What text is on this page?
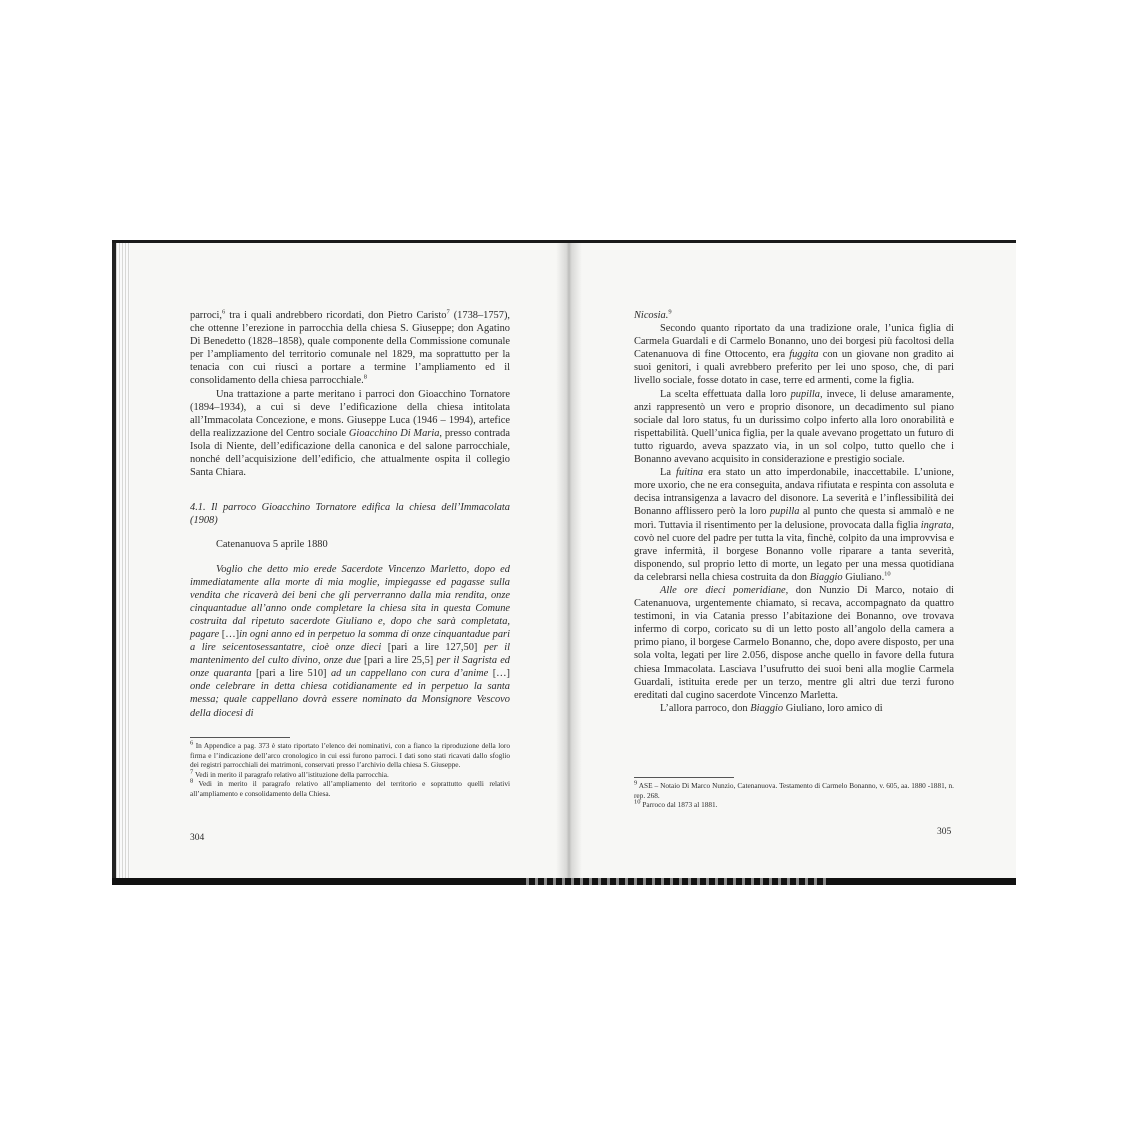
parroci,$^6$ tra i quali andrebbero ricordati, don Pietro Caristo$^7$ (1738–1757), che ottenne l’erezione in parrocchia della chiesa S. Giuseppe; don Agatino Di Benedetto (1828–1858), quale componente della Commissione comunale per l’ampliamento del territorio comunale nel 1829, ma soprattutto per la tenacia con cui riuscì a portare a termine l’ampliamento ed il consolidamento della chiesa parrocchiale.$^8$

Una trattazione a parte meritano i parroci don Gioacchino Tornatore (1894–1934), a cui si deve l’edificazione della chiesa intitolata all’Immacolata Concezione, e mons. Giuseppe Luca (1946 – 1994), artefice della realizzazione del Centro sociale Gioacchino Di Maria, presso contrada Isola di Niente, dell’edificazione della canonica e del salone parrocchiale, nonché dell’acquisizione dell’edificio, che attualmente ospita il collegio Santa Chiara.

4.1. Il parroco Gioacchino Tornatore edifica la chiesa dell’Immacolata (1908)

Catenanuova 5 aprile 1880

Voglio che detto mio erede Sacerdote Vincenzo Marletto, dopo ed immediatamente alla morte di mia moglie, impiegasse ed pagasse sulla vendita che ricaverà dei beni che gli perverranno dalla mia rendita, onze cinquantadue all’anno onde completare la chiesa sita in questa Comune costruita dal ripetuto sacerdote Giuliano e, dopo che sarà completata, pagare […]in ogni anno ed in perpetuo la somma di onze cinquantadue pari a lire seicentosessantatre, cioè onze dieci [pari a lire 127,50] per il mantenimento del culto divino, onze due [pari a lire 25,5] per il Sagrista ed onze quaranta [pari a lire 510] ad un cappellano con cura d’anime […] onde celebrare in detta chiesa cotidianamente ed in perpetuo la santa messa; quale cappellano dovrà essere nominato da Monsignore Vescovo della diocesi di

$^6$ In Appendice a pag. 373 è stato riportato l’elenco dei nominativi, con a fianco la riproduzione della loro firma e l’indicazione dell’arco cronologico in cui essi furono parroci. I dati sono stati ricavati dallo sfoglio dei registri parrocchiali dei matrimoni, conservati presso l’archivio della chiesa S. Giuseppe.

$^7$ Vedi in merito il paragrafo relativo all’istituzione della parrocchia.

$^8$ Vedi in merito il paragrafo relativo all’ampliamento del territorio e soprattutto quelli relativi all’ampliamento e consolidamento della Chiesa.

304

Nicosia.$^9$

Secondo quanto riportato da una tradizione orale, l’unica figlia di Carmela Guardali e di Carmelo Bonanno, uno dei borgesi più facoltosi della Catenanuova di fine Ottocento, era fuggita con un giovane non gradito ai suoi genitori, i quali avrebbero preferito per lei uno sposo, che, di pari livello sociale, fosse dotato in case, terre ed armenti, come la figlia.

La scelta effettuata dalla loro pupilla, invece, li deluse amaramente, anzi rappresentò un vero e proprio disonore, un decadimento sul piano sociale dal loro status, fu un durissimo colpo inferto alla loro onorabilità e rispettabilità. Quell’unica figlia, per la quale avevano progettato un futuro di tutto riguardo, aveva spazzato via, in un sol colpo, tutto quello che i Bonanno avevano acquisito in considerazione e prestigio sociale.

La fuitina era stato un atto imperdonabile, inaccettabile. L’unione, more uxorio, che ne era conseguita, andava rifiutata e respinta con assoluta e decisa intransigenza a lavacro del disonore. La severità e l’inflessibilità dei Bonanno afflissero però la loro pupilla al punto che questa si ammalò e ne morì. Tuttavia il risentimento per la delusione, provocata dalla figlia ingrata, covò nel cuore del padre per tutta la vita, finchè, colpito da una improvvisa e grave infermità, il borgese Bonanno volle riparare a tanta severità, disponendo, sul proprio letto di morte, un legato per una messa quotidiana da celebrarsi nella chiesa costruita da don Biaggio Giuliano.$^{10}$

Alle ore dieci pomeridiane, don Nunzio Di Marco, notaio di Catenanuova, urgentemente chiamato, si recava, accompagnato da quattro testimoni, in via Catania presso l’abitazione dei Bonanno, ove trovava infermo di corpo, coricato su di un letto posto all’angolo della camera a primo piano, il borgese Carmelo Bonanno, che, dopo avere disposto, per una sola volta, legati per lire 2.056, dispose anche quello in favore della futura chiesa Immacolata. Lasciava l’usufrutto dei suoi beni alla moglie Carmela Guardali, istituita erede per un terzo, mentre gli altri due terzi furono ereditati dal cugino sacerdote Vincenzo Marletta.

L’allora parroco, don Biaggio Giuliano, loro amico di

$^9$ ASE – Notaio Di Marco Nunzio, Catenanuova. Testamento di Carmelo Bonanno, v. 605, aa. 1880 -1881, n. rep. 268.

$^{10}$ Parroco dal 1873 al 1881.

305
